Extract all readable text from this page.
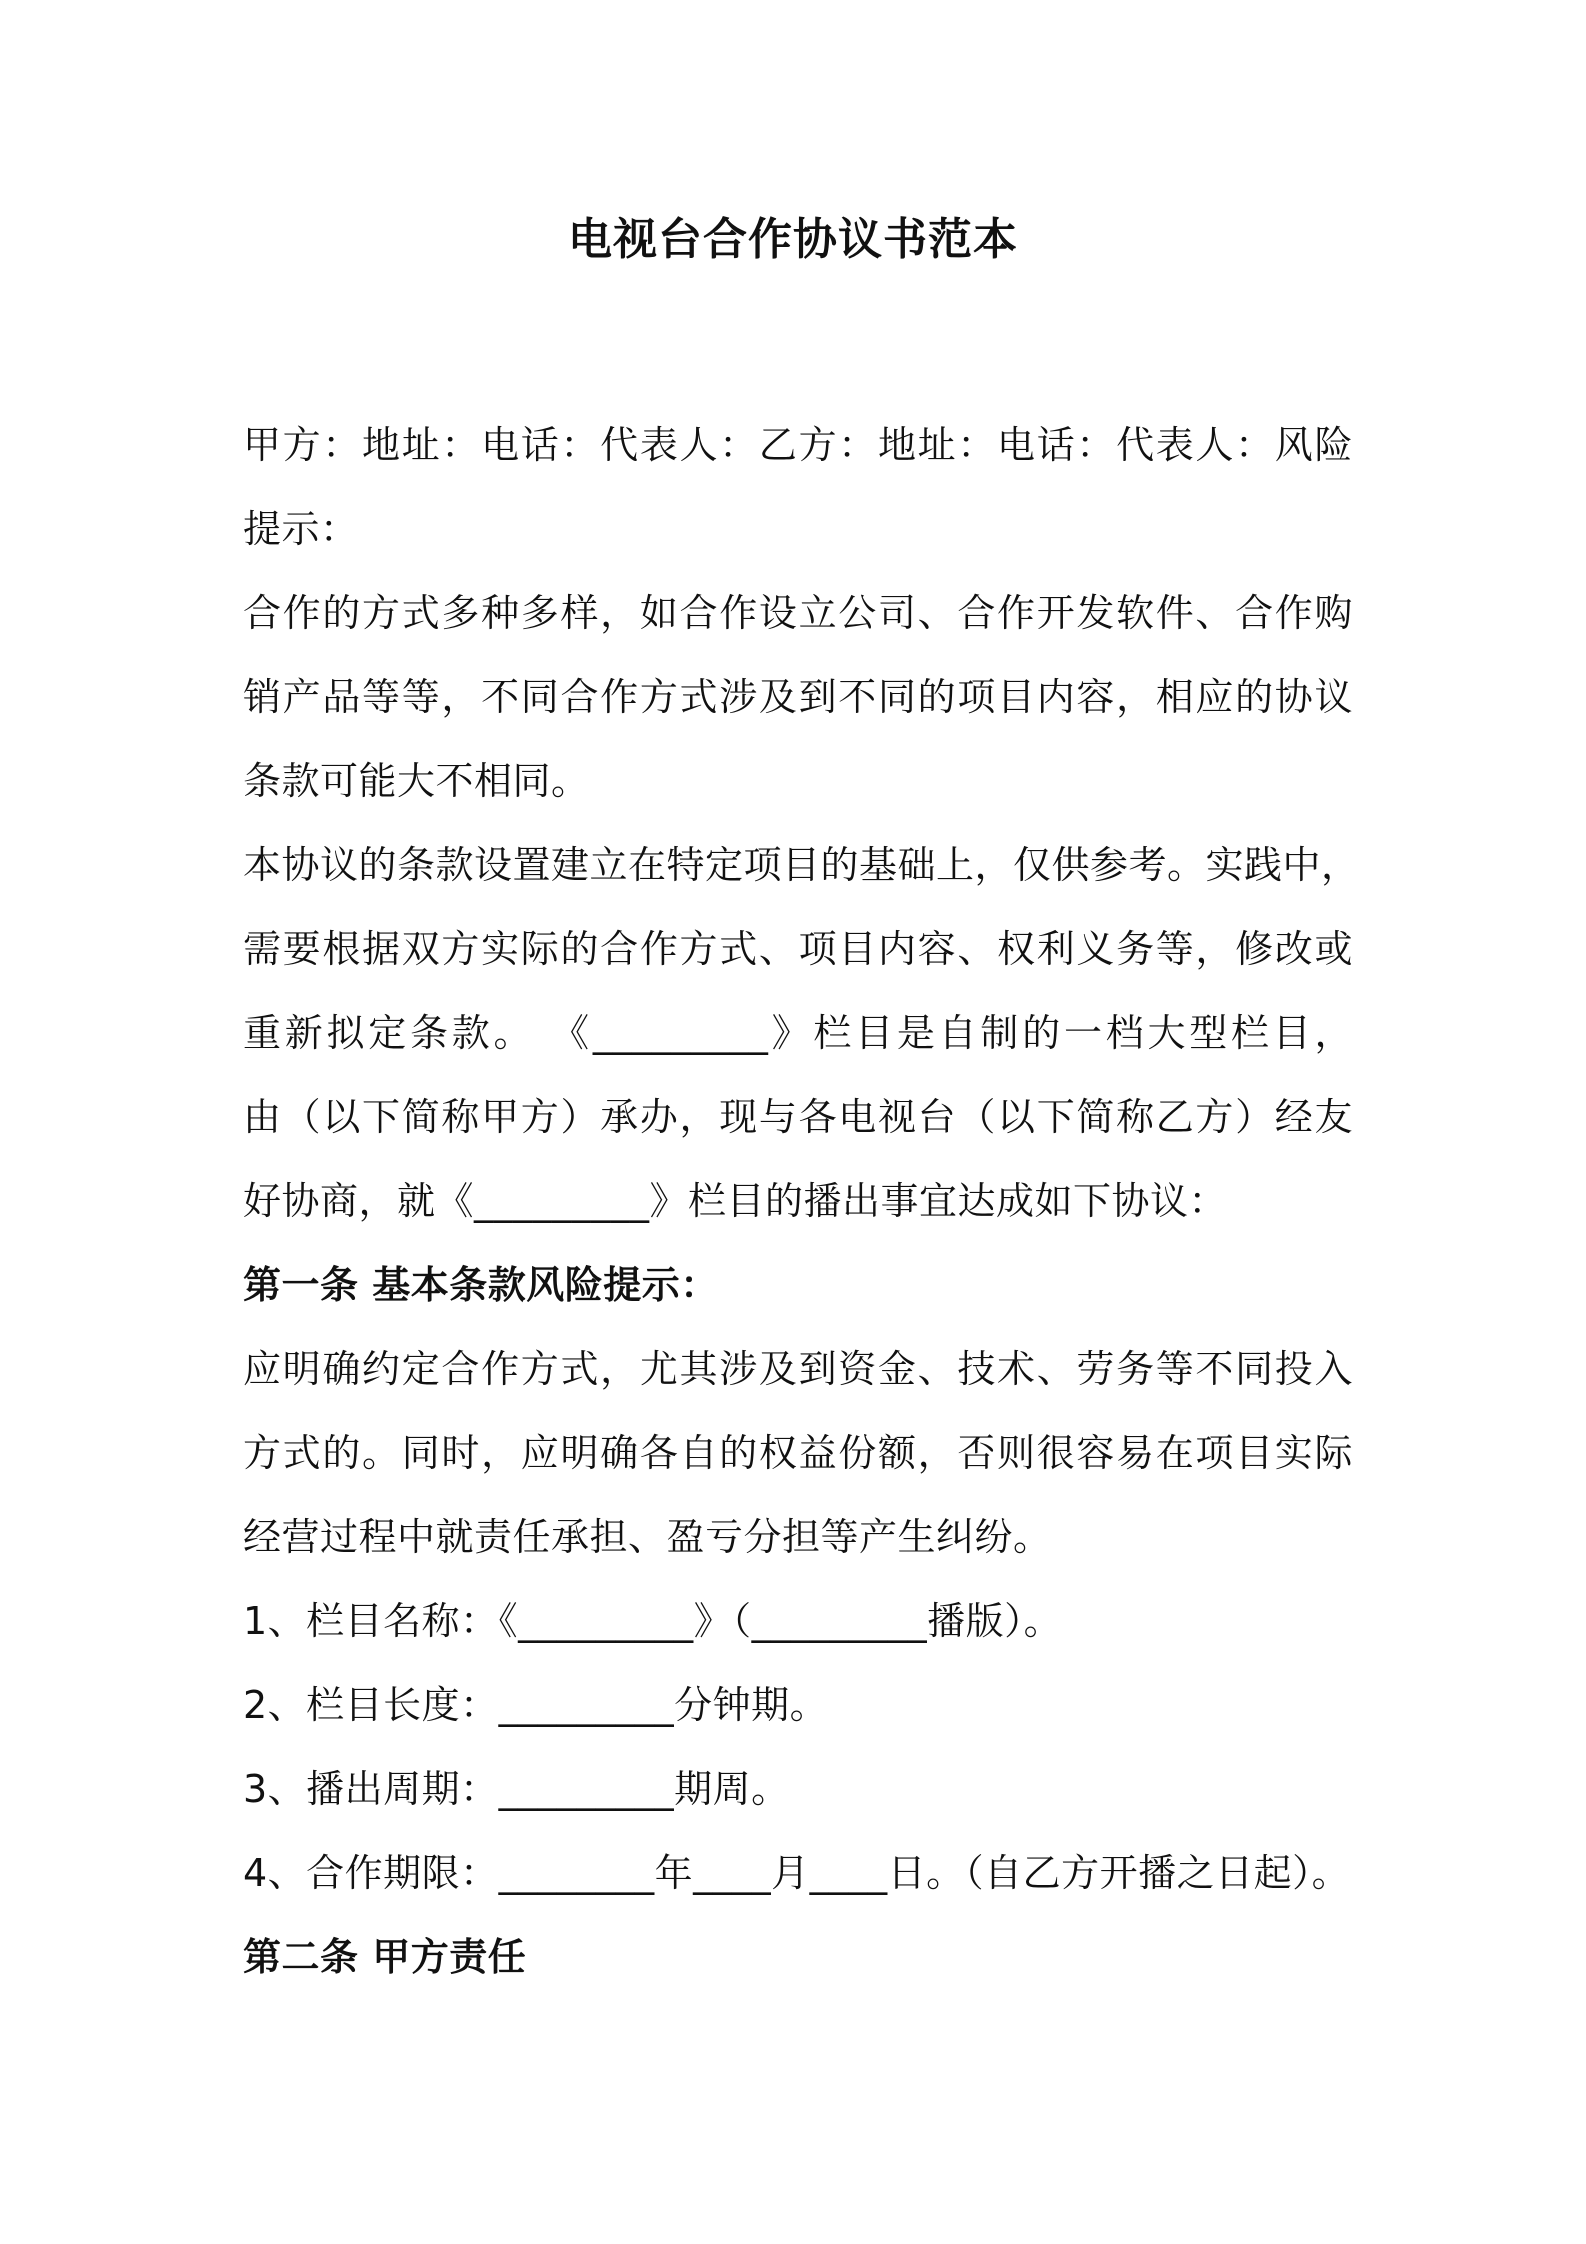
电视台合作协议书范本
甲方：地址：电话：代表人：乙方：地址：电话：代表人：风险
提示：
合作的方式多种多样，如合作设立公司、合作开发软件、合作购
销产品等等，不同合作方式涉及到不同的项目内容，相应的协议
条款可能大不相同。
本协议的条款设置建立在特定项目的基础上，仅供参考。实践中，
需要根据双方实际的合作方式、项目内容、权利义务等，修改或
重新拟定条款。 《_________》栏目是自制的一档大型栏目，
由（以下简称甲方）承办，现与各电视台（以下简称乙方）经友
好协商，就《_________》栏目的播出事宜达成如下协议：
第一条 基本条款风险提示：
应明确约定合作方式，尤其涉及到资金、技术、劳务等不同投入
方式的。同时，应明确各自的权益份额，否则很容易在项目实际
经营过程中就责任承担、盈亏分担等产生纠纷。
1、栏目名称：《_________》（_________播版）。
2、栏目长度：_________分钟期。
3、播出周期：_________期周。
4、合作期限：________年____月____日。（自乙方开播之日起）。
第二条 甲方责任
